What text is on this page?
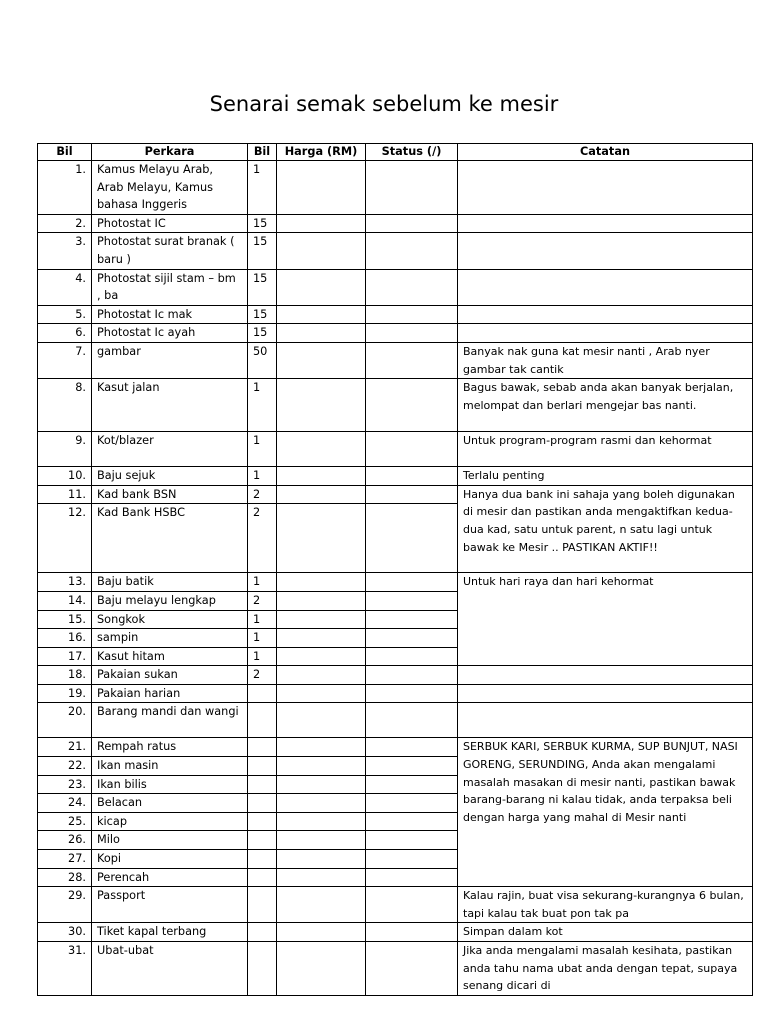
Senarai semak sebelum ke mesir
Bil	Perkara	Bil	Harga (RM)	Status (/)	Catatan
1.	Kamus Melayu Arab, Arab Melayu, Kamus bahasa Inggeris	1			
2.	Photostat IC	15			
3.	Photostat surat branak ( baru )	15			
4.	Photostat sijil stam – bm , ba	15			
5.	Photostat Ic mak	15			
6.	Photostat Ic ayah	15			
7.	gambar	50			Banyak nak guna kat mesir nanti , Arab nyer gambar tak cantik
8.	Kasut jalan	1			Bagus bawak, sebab anda akan banyak berjalan, melompat dan berlari mengejar bas nanti.
9.	Kot/blazer	1			Untuk program-program rasmi dan kehormat
10.	Baju sejuk	1			Terlalu penting
11.	Kad bank BSN	2			Hanya dua bank ini sahaja yang boleh digunakan di mesir dan pastikan anda mengaktifkan kedua-dua kad, satu untuk parent, n satu lagi untuk bawak ke Mesir .. PASTIKAN AKTIF!!
12.	Kad Bank HSBC	2			
13.	Baju batik	1			Untuk hari raya dan hari kehormat
14.	Baju melayu lengkap	2			
15.	Songkok	1			
16.	sampin	1			
17.	Kasut hitam	1			
18.	Pakaian sukan	2			
19.	Pakaian harian				
20.	Barang mandi dan wangi				
21.	Rempah ratus				SERBUK KARI, SERBUK KURMA, SUP BUNJUT, NASI GORENG, SERUNDING, Anda akan mengalami masalah masakan di mesir nanti, pastikan bawak barang-barang ni kalau tidak, anda terpaksa beli dengan harga yang mahal di Mesir nanti
22.	Ikan masin				
23.	Ikan bilis				
24.	Belacan				
25.	kicap				
26.	Milo				
27.	Kopi				
28.	Perencah				
29.	Passport				Kalau rajin, buat visa sekurang-kurangnya 6 bulan, tapi kalau tak buat pon tak pa
30.	Tiket kapal terbang				Simpan dalam kot
31.	Ubat-ubat				Jika anda mengalami masalah kesihata, pastikan anda tahu nama ubat anda dengan tepat, supaya senang dicari di
